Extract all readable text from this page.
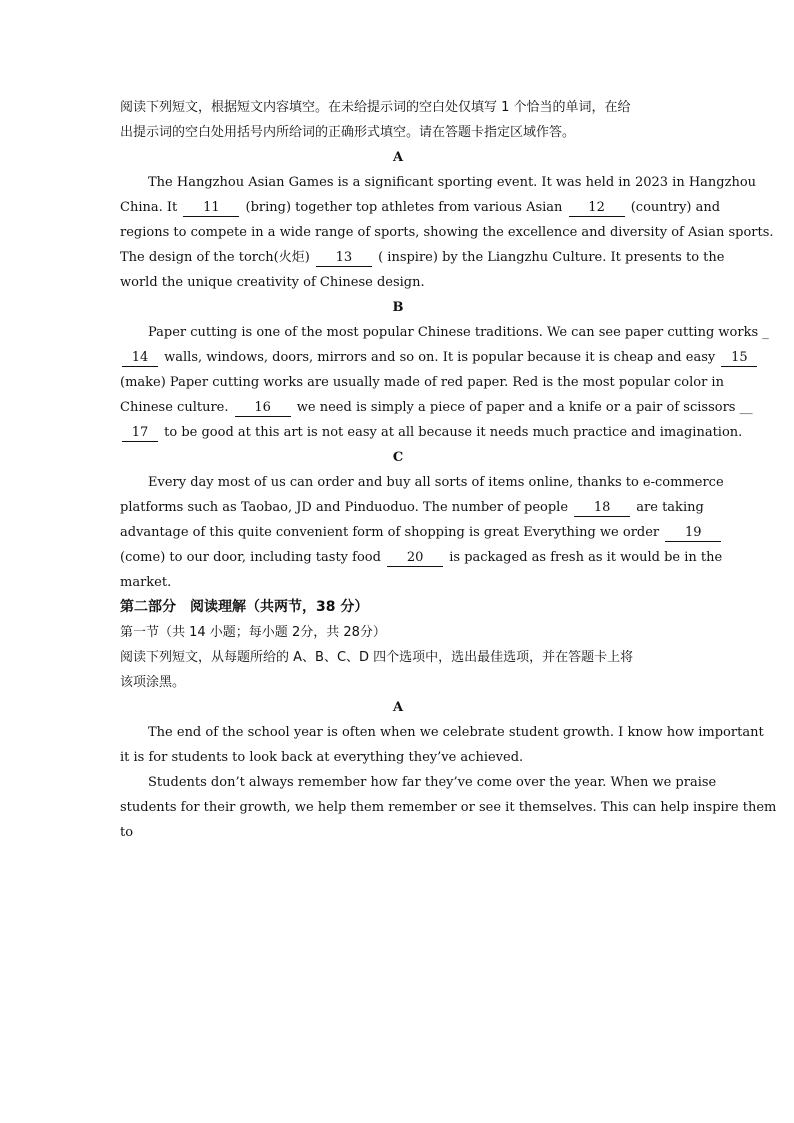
阅读下列短文，根据短文内容填空。在未给提示词的空白处仅填写 1 个恰当的单词，在给
出提示词的空白处用括号内所给词的正确形式填空。请在答题卡指定区域作答。
A
The Hangzhou Asian Games is a significant sporting event. It was held in 2023 in Hangzhou
China. It 11 (bring) together top athletes from various Asian 12 (country) and
regions to compete in a wide range of sports, showing the excellence and diversity of Asian sports.
The design of the torch(火炬) 13 ( inspire) by the Liangzhu Culture. It presents to the
world the unique creativity of Chinese design.
B
Paper cutting is one of the most popular Chinese traditions. We can see paper cutting works _
14 walls, windows, doors, mirrors and so on. It is popular because it is cheap and easy 15
(make) Paper cutting works are usually made of red paper. Red is the most popular color in
Chinese culture. 16 we need is simply a piece of paper and a knife or a pair of scissors __
17 to be good at this art is not easy at all because it needs much practice and imagination.
C
Every day most of us can order and buy all sorts of items online, thanks to e-commerce
platforms such as Taobao, JD and Pinduoduo. The number of people 18 are taking
advantage of this quite convenient form of shopping is great Everything we order 19
(come) to our door, including tasty food 20 is packaged as fresh as it would be in the
market.
第二部分　阅读理解（共两节，38 分）
第一节（共 14 小题；每小题 2分，共 28分）
阅读下列短文，从每题所给的 A、B、C、D 四个选项中，选出最佳选项，并在答题卡上将
该项涂黑。
A
The end of the school year is often when we celebrate student growth. I know how important
it is for students to look back at everything they’ve achieved.
Students don’t always remember how far they’ve come over the year. When we praise
students for their growth, we help them remember or see it themselves. This can help inspire them
to
